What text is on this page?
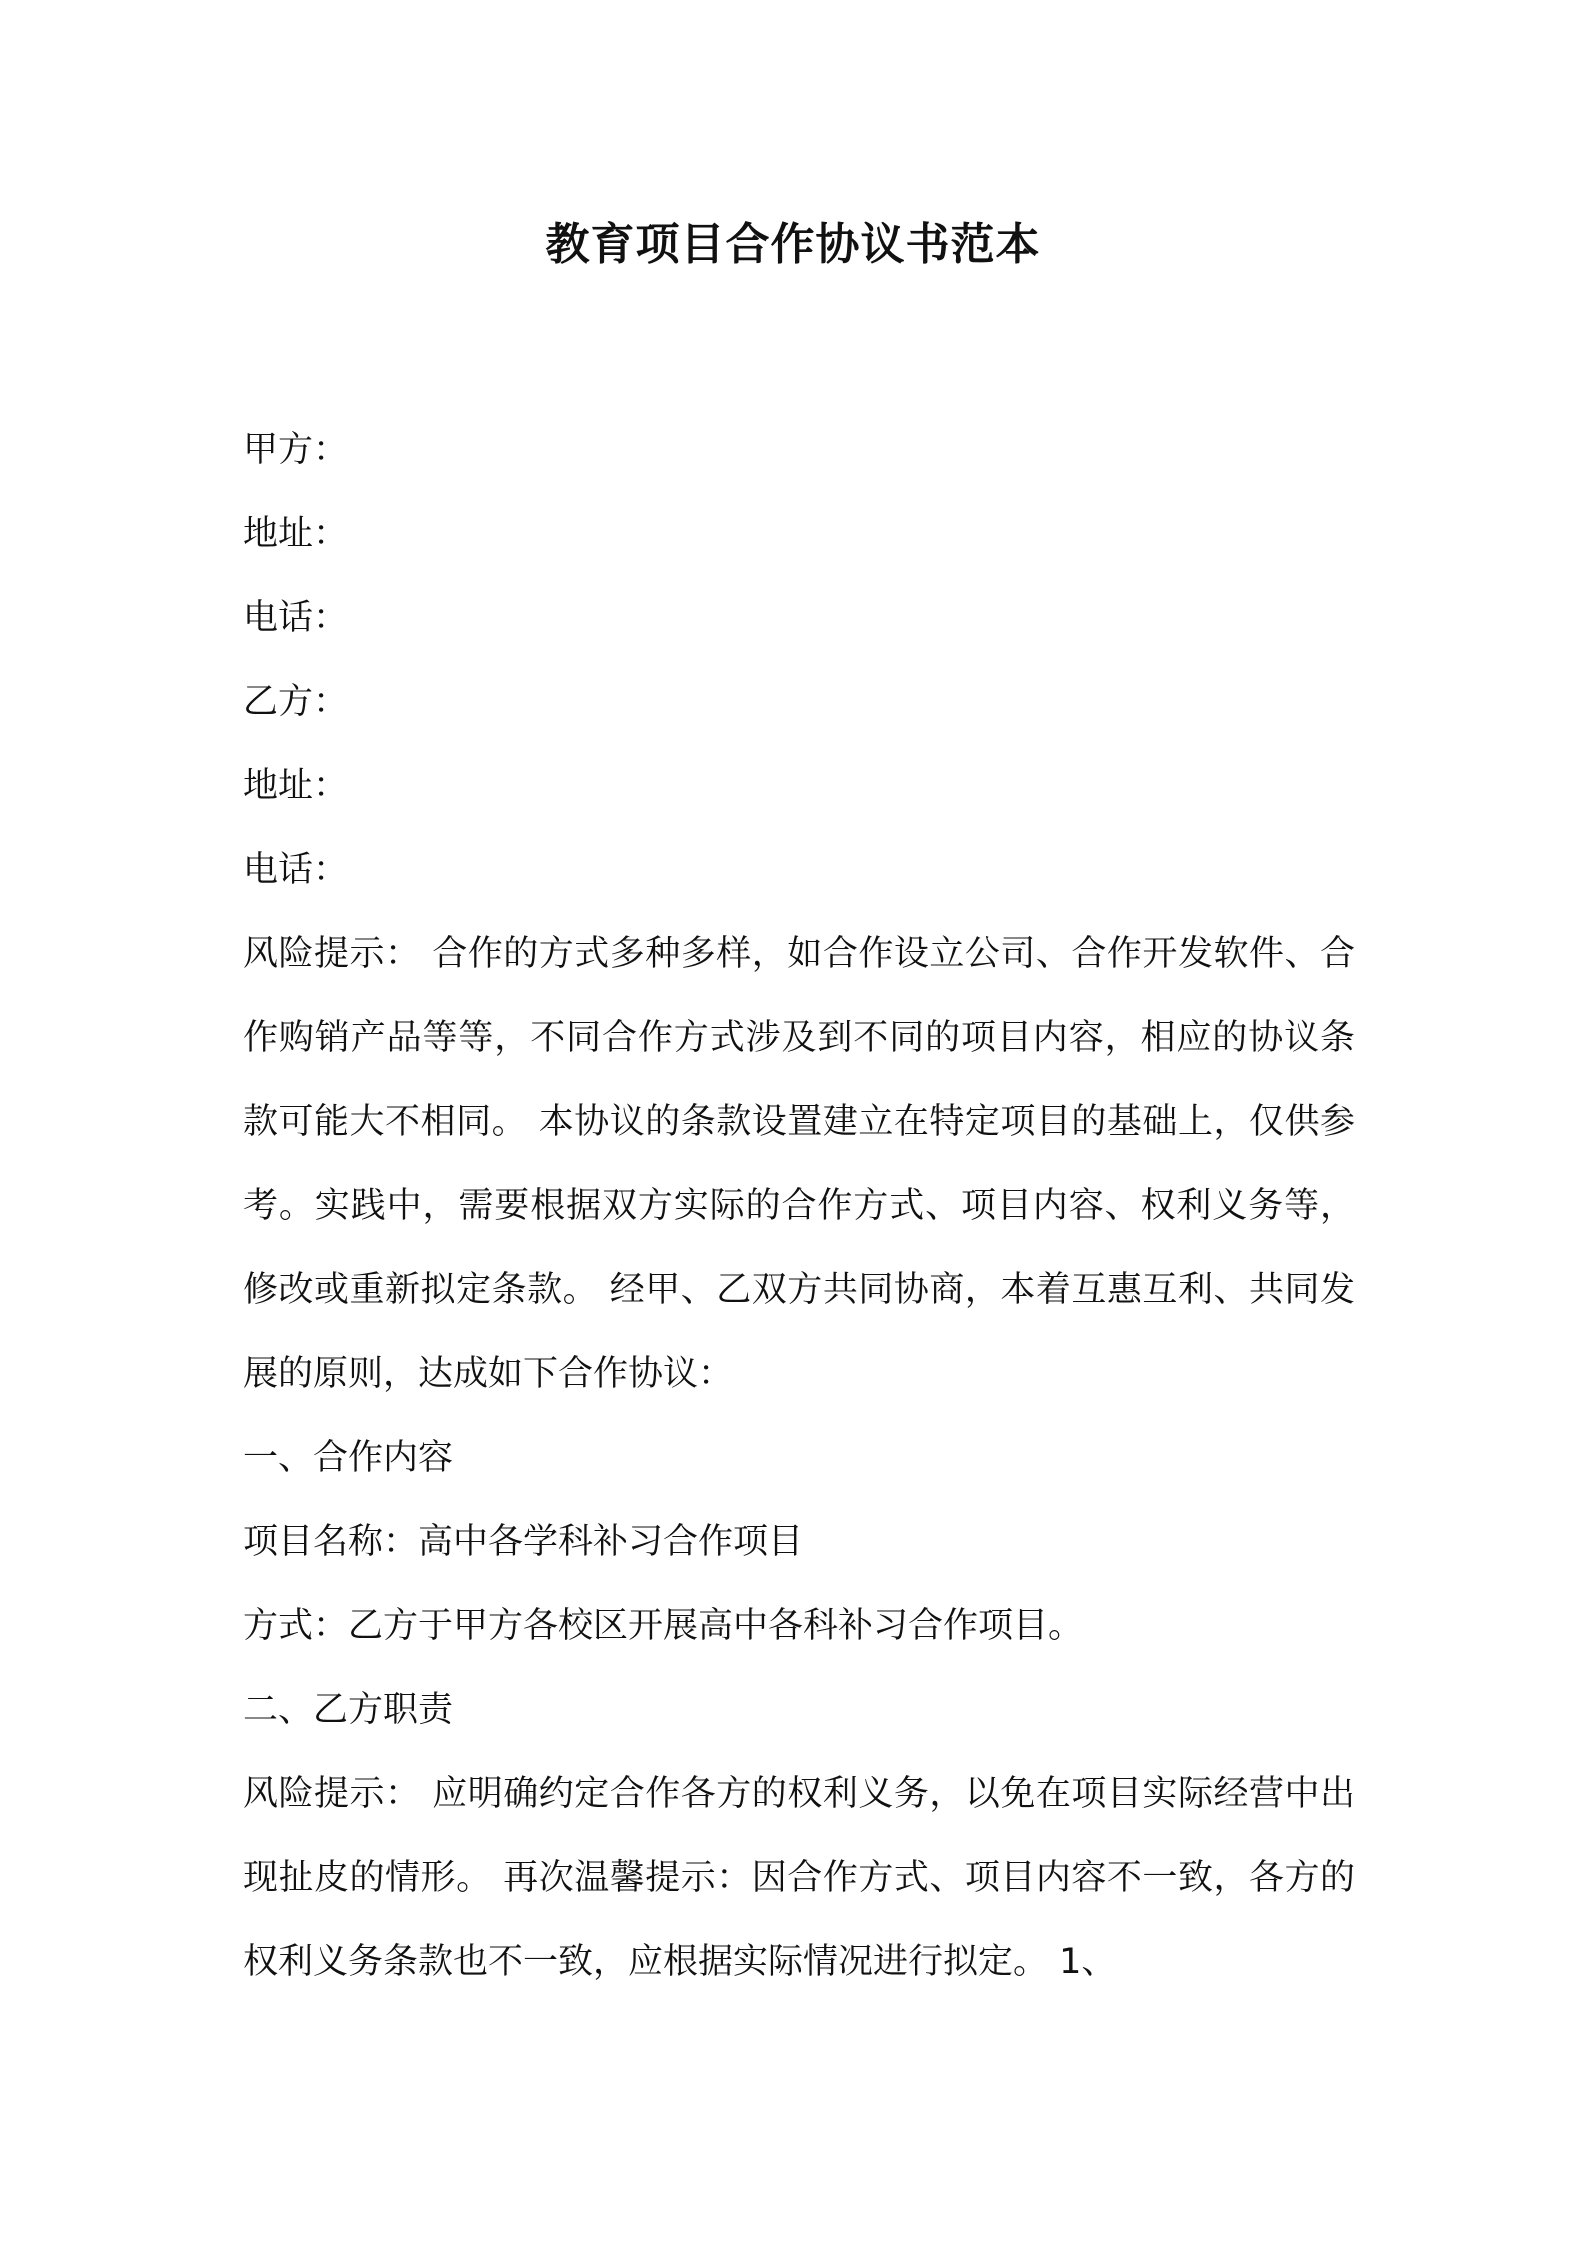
教育项目合作协议书范本
甲方：
地址：
电话：
乙方：
地址：
电话：
风险提示： 合作的方式多种多样，如合作设立公司、合作开发软件、合作购销产品等等，不同合作方式涉及到不同的项目内容，相应的协议条款可能大不相同。 本协议的条款设置建立在特定项目的基础上，仅供参考。实践中，需要根据双方实际的合作方式、项目内容、权利义务等，修改或重新拟定条款。 经甲、乙双方共同协商，本着互惠互利、共同发展的原则，达成如下合作协议：
一、合作内容
项目名称：高中各学科补习合作项目
方式：乙方于甲方各校区开展高中各科补习合作项目。
二、乙方职责
风险提示： 应明确约定合作各方的权利义务，以免在项目实际经营中出现扯皮的情形。 再次温馨提示：因合作方式、项目内容不一致，各方的权利义务条款也不一致，应根据实际情况进行拟定。 1、
